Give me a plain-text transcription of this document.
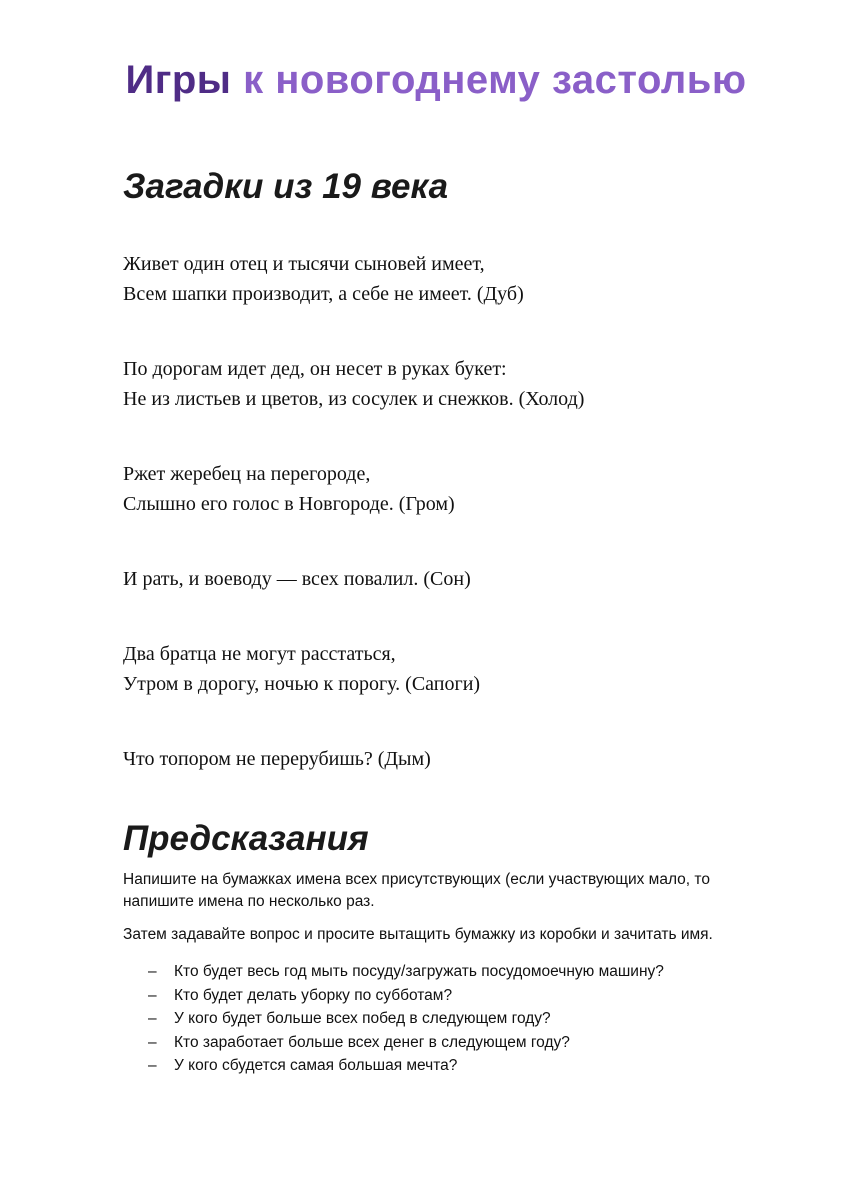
Игры к новогоднему застолью
Загадки из 19 века
Живет один отец и тысячи сыновей имеет,
Всем шапки производит, а себе не имеет. (Дуб)
По дорогам идет дед, он несет в руках букет:
Не из листьев и цветов, из сосулек и снежков. (Холод)
Ржет жеребец на перегороде,
Слышно его голос в Новгороде. (Гром)
И рать, и воеводу — всех повалил. (Сон)
Два братца не могут расстаться,
Утром в дорогу, ночью к порогу. (Сапоги)
Что топором не перерубишь? (Дым)
Предсказания

Напишите на бумажках имена всех присутствующих (если участвующих мало, то напишите имена по несколько раз.

Затем задавайте вопрос и просите вытащить бумажку из коробки и зачитать имя.

–	Кто будет весь год мыть посуду/загружать посудомоечную машину?
–	Кто будет делать уборку по субботам?
–	У кого будет больше всех побед в следующем году?
–	Кто заработает больше всех денег в следующем году?
–	У кого сбудется самая большая мечта?
